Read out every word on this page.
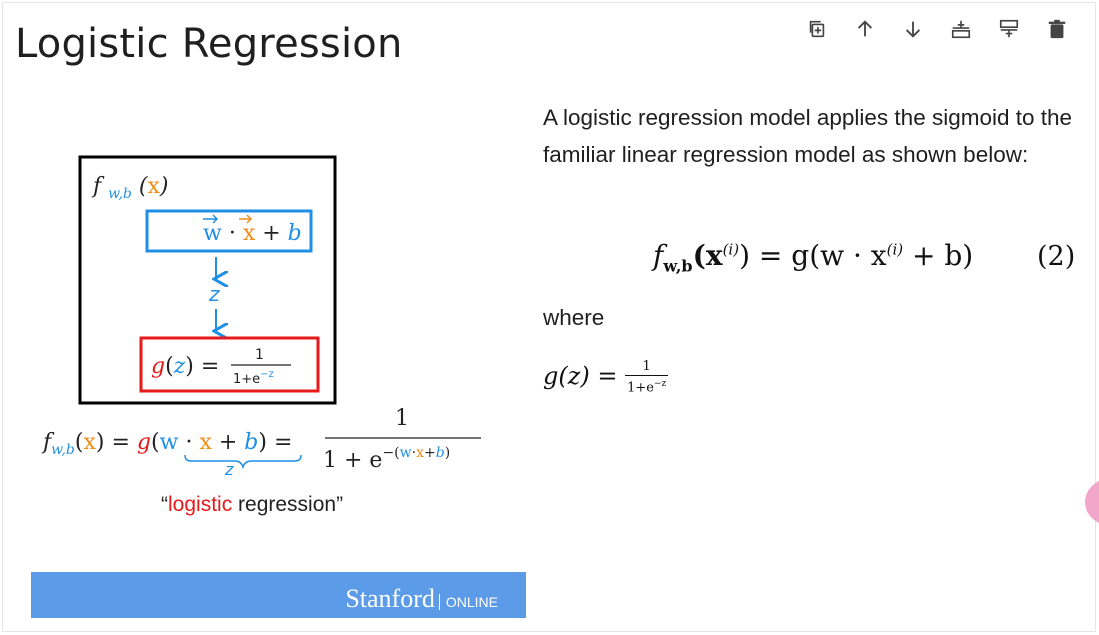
Logistic Regression
f $_{w,b}$ (x)
w · x + b
z
g(z) =	1
$1+e^{-z}$
$f_{w,b}(x) = g(w \cdot x + b)$ =
z
1
1 + e−(w·x+b)
“logistic regression”
Stanford ONLINE
A logistic regression model applies the sigmoid to the familiar linear regression model as shown below:
$f_{w,b}(x^{(i)}) = g(w \cdot x^{(i)} + b)$ (2)
where
$g(z) = \frac{1}{1+e^{-z}}$
